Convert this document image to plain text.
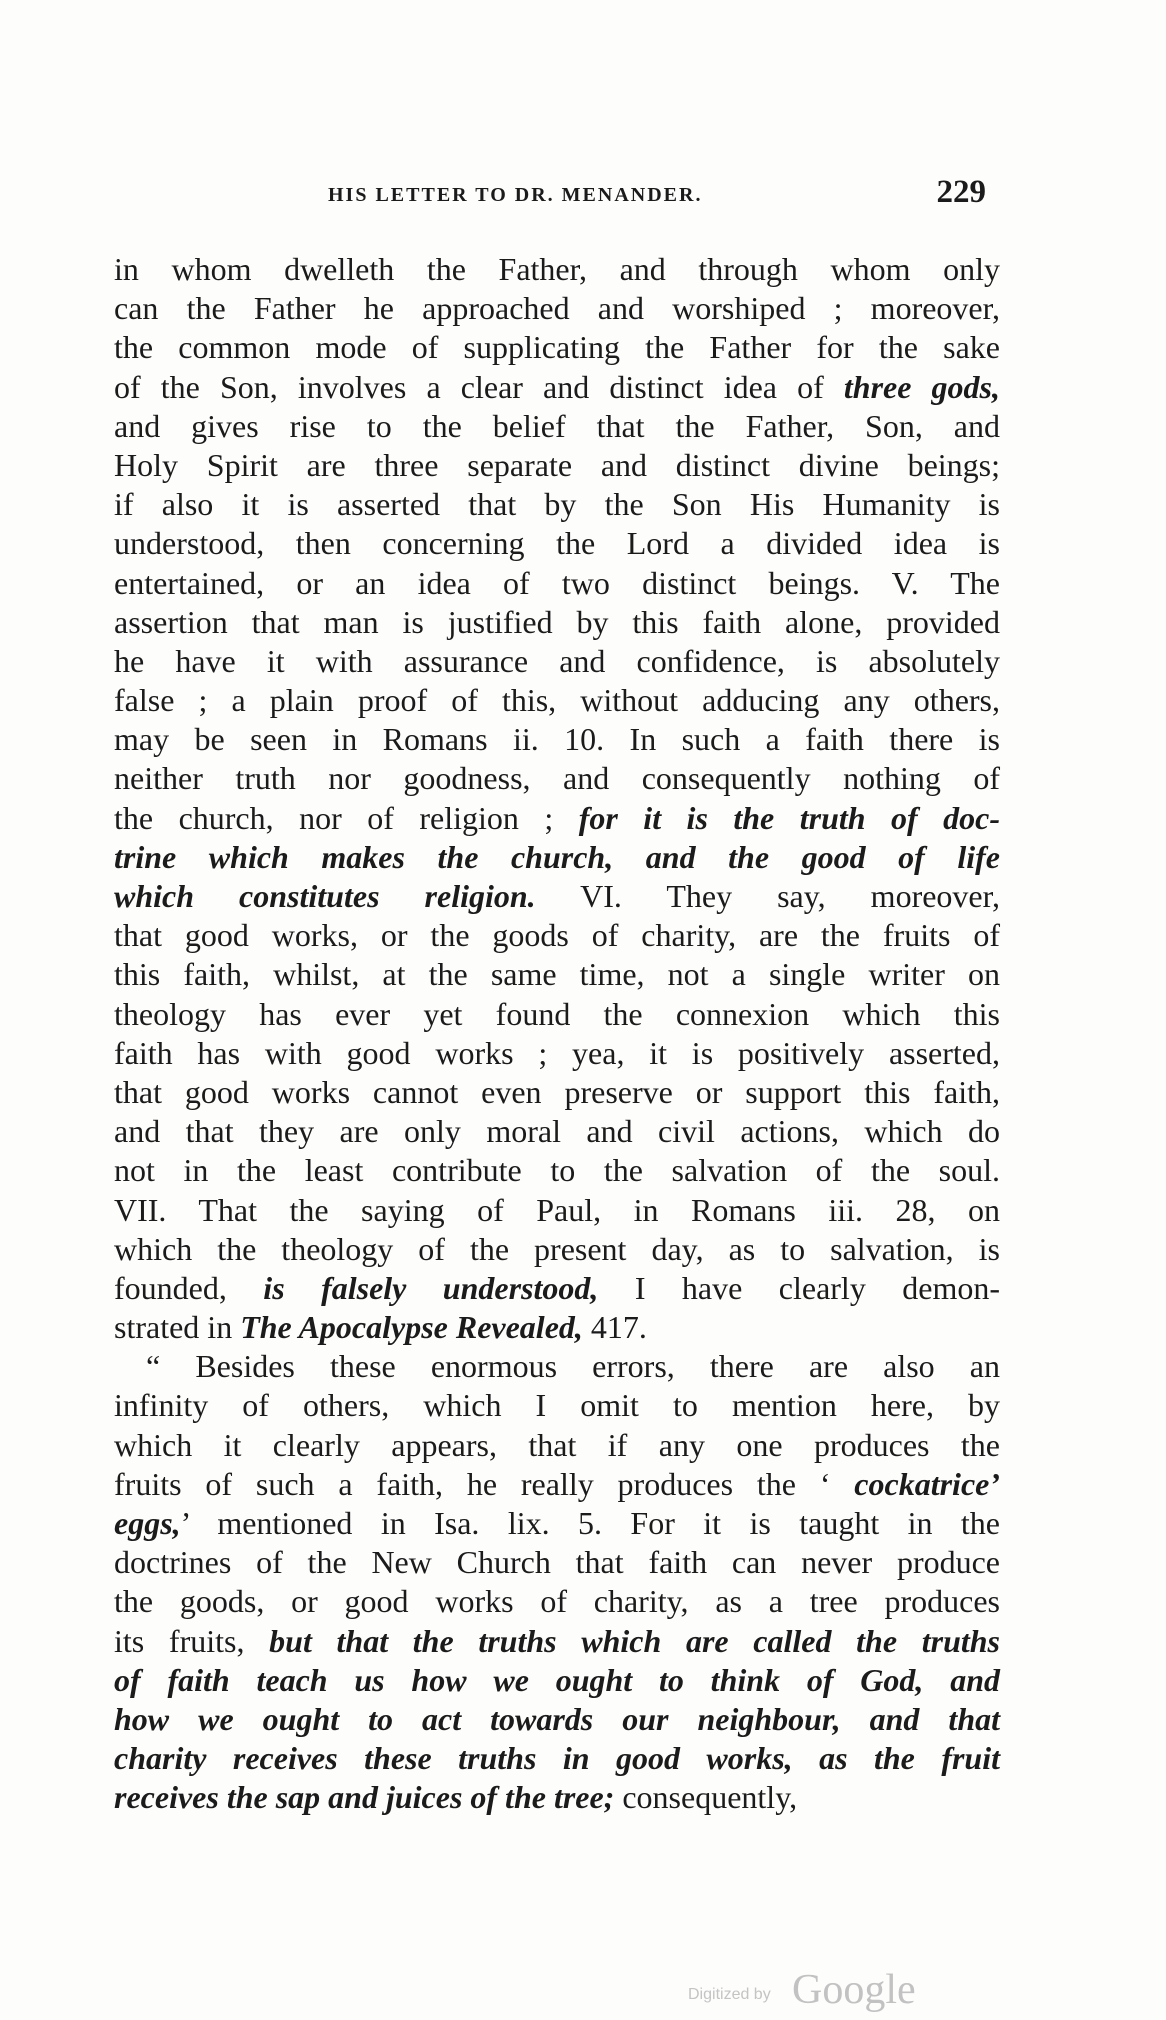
HIS LETTER TO DR. MENANDER.	229
in whom dwelleth the Father, and through whom only
can the Father he approached and worshiped ; moreover,
the common mode of supplicating the Father for the sake
of the Son, involves a clear and distinct idea of three gods,
and gives rise to the belief that the Father, Son, and
Holy Spirit are three separate and distinct divine beings;
if also it is asserted that by the Son His Humanity is
understood, then concerning the Lord a divided idea is
entertained, or an idea of two distinct beings. V. The
assertion that man is justified by this faith alone, provided
he have it with assurance and confidence, is absolutely
false ; a plain proof of this, without adducing any others,
may be seen in Romans ii. 10. In such a faith there is
neither truth nor goodness, and consequently nothing of
the church, nor of religion ; for it is the truth of doc-
trine which makes the church, and the good of life
which constitutes religion. VI. They say, moreover,
that good works, or the goods of charity, are the fruits of
this faith, whilst, at the same time, not a single writer on
theology has ever yet found the connexion which this
faith has with good works ; yea, it is positively asserted,
that good works cannot even preserve or support this faith,
and that they are only moral and civil actions, which do
not in the least contribute to the salvation of the soul.
VII. That the saying of Paul, in Romans iii. 28, on
which the theology of the present day, as to salvation, is
founded, is falsely understood, I have clearly demon-
strated in The Apocalypse Revealed, 417.
“ Besides these enormous errors, there are also an
infinity of others, which I omit to mention here, by
which it clearly appears, that if any one produces the
fruits of such a faith, he really produces the ‘ cockatrice’
eggs,’ mentioned in Isa. lix. 5. For it is taught in the
doctrines of the New Church that faith can never produce
the goods, or good works of charity, as a tree produces
its fruits, but that the truths which are called the truths
of faith teach us how we ought to think of God, and
how we ought to act towards our neighbour, and that
charity receives these truths in good works, as the fruit
receives the sap and juices of the tree; consequently,
Digitized by Google
